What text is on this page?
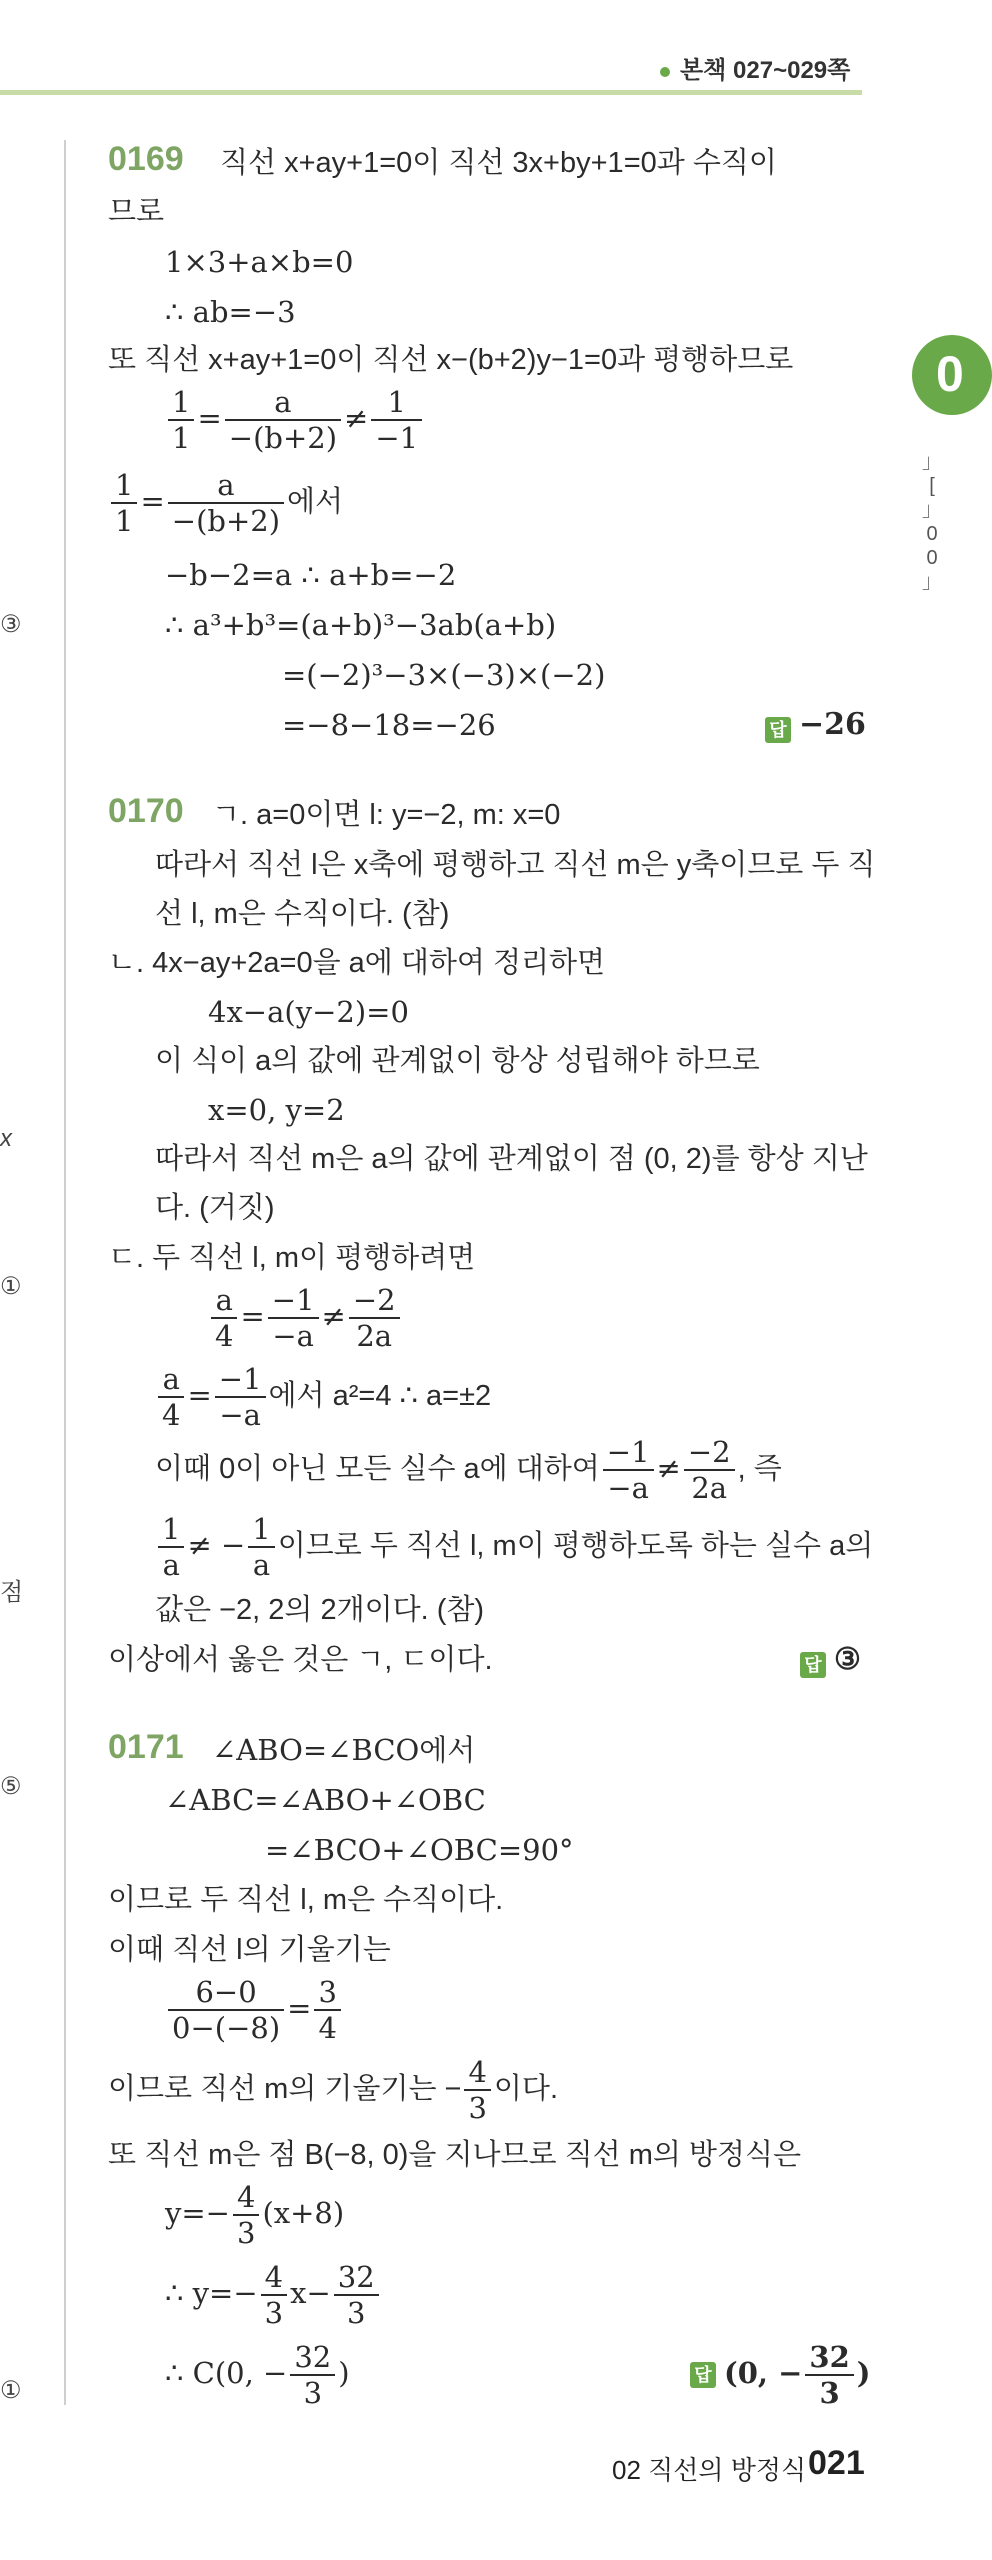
본책 027~029쪽
0
」 [ 」0 0 」
③
x
①
점
⑤
①
0169 직선 x+ay+1=0이 직선 3x+by+1=0과 수직이
므로
1×3+a×b=0
∴ ab=−3
또 직선 x+ay+1=0이 직선 x−(b+2)y−1=0과 평행하므로
$\frac{1}{1} = \frac{a}{-(b+2)} \ne \frac{1}{-1}$
$\frac{1}{1} = \frac{a}{-(b+2)}$ 에서
−b−2=a ∴ a+b=−2
∴ a³+b³=(a+b)³−3ab(a+b)
=(−2)³−3×(−3)×(−2)
=−8−18=−26	답 −26
0170 ㄱ. a=0이면 l: y=−2, m: x=0
따라서 직선 l은 x축에 평행하고 직선 m은 y축이므로 두 직
선 l, m은 수직이다. (참)
ㄴ. 4x−ay+2a=0을 a에 대하여 정리하면
4x−a(y−2)=0
이 식이 a의 값에 관계없이 항상 성립해야 하므로
x=0, y=2
따라서 직선 m은 a의 값에 관계없이 점 (0, 2)를 항상 지난
다. (거짓)
ㄷ. 두 직선 l, m이 평행하려면
$\frac{a}{4} = \frac{-1}{-a} \ne \frac{-2}{2a}$
$\frac{a}{4} = \frac{-1}{-a}$ 에서 a²=4 ∴ a=±2
이때 0이 아닌 모든 실수 a에 대하여 $\frac{-1}{-a} \ne \frac{-2}{2a}$ , 즉
$\frac{1}{a}$ ≠ − $\frac{1}{a}$ 이므로 두 직선 l, m이 평행하도록 하는 실수 a의
값은 −2, 2의 2개이다. (참)
이상에서 옳은 것은 ㄱ, ㄷ이다.	답 ③
0171 ∠ABO=∠BCO에서
∠ABC=∠ABO+∠OBC
=∠BCO+∠OBC=90°
이므로 두 직선 l, m은 수직이다.
이때 직선 l의 기울기는
$\frac{6-0}{0-(-8)} = \frac{3}{4}$
이므로 직선 m의 기울기는 − $\frac{4}{3}$ 이다.
또 직선 m은 점 B(−8, 0)을 지나므로 직선 m의 방정식은
$y=- \frac{4}{3} (x+8)$
∴ $y=- \frac{4}{3} x- \frac{32}{3}$
∴ C(0, − $\frac{32}{3}$ )	답 (0, − $\frac{32}{3}$ )
02 직선의 방정식 021
